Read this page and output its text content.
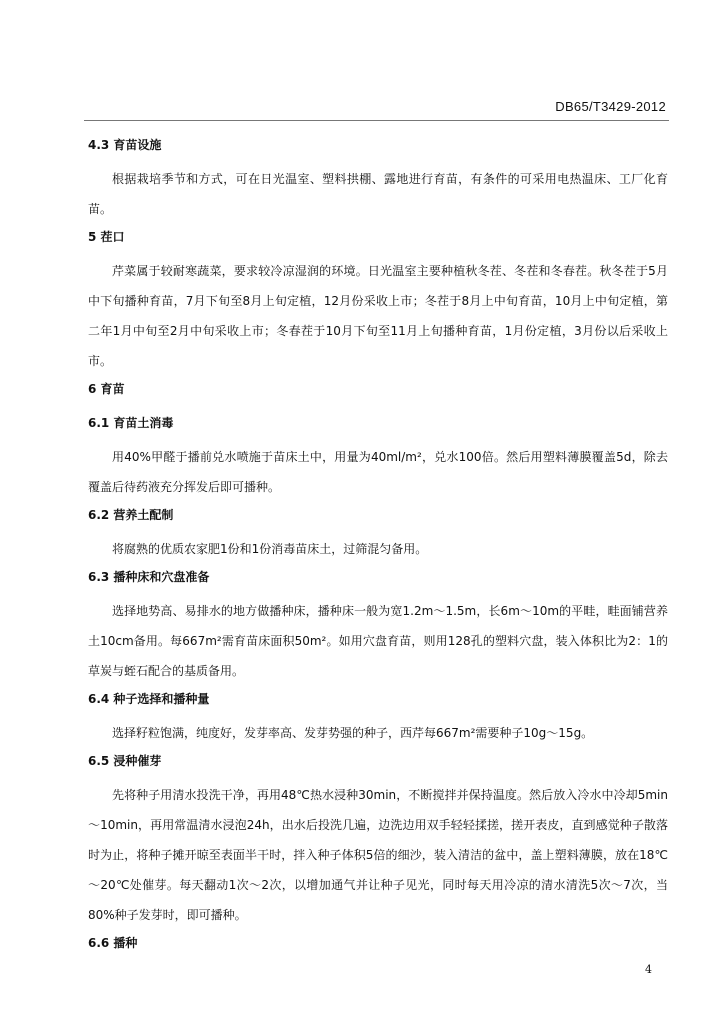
DB65/T3429-2012
4.3 育苗设施

根据栽培季节和方式，可在日光温室、塑料拱棚、露地进行育苗，有条件的可采用电热温床、工厂化育苗。

5 茬口

芹菜属于较耐寒蔬菜，要求较冷凉湿润的环境。日光温室主要种植秋冬茬、冬茬和冬春茬。秋冬茬于5月中下旬播种育苗，7月下旬至8月上旬定植，12月份采收上市；冬茬于8月上中旬育苗，10月上中旬定植，第二年1月中旬至2月中旬采收上市；冬春茬于10月下旬至11月上旬播种育苗，1月份定植，3月份以后采收上市。

6 育苗
6.1 育苗土消毒

用40%甲醛于播前兑水喷施于苗床土中，用量为40ml/m²，兑水100倍。然后用塑料薄膜覆盖5d，除去覆盖后待药液充分挥发后即可播种。

6.2 营养土配制

将腐熟的优质农家肥1份和1份消毒苗床土，过筛混匀备用。

6.3 播种床和穴盘准备

选择地势高、易排水的地方做播种床，播种床一般为宽1.2m～1.5m，长6m～10m的平畦，畦面铺营养土10cm备用。每667m²需育苗床面积50m²。如用穴盘育苗，则用128孔的塑料穴盘，装入体积比为2：1的草炭与蛭石配合的基质备用。

6.4 种子选择和播种量

选择籽粒饱满，纯度好，发芽率高、发芽势强的种子，西芹每667m²需要种子10g～15g。

6.5 浸种催芽

先将种子用清水投洗干净，再用48℃热水浸种30min，不断搅拌并保持温度。然后放入冷水中冷却5min～10min，再用常温清水浸泡24h，出水后投洗几遍，边洗边用双手轻轻揉搓，搓开表皮，直到感觉种子散落时为止，将种子摊开晾至表面半干时，拌入种子体积5倍的细沙，装入清洁的盆中，盖上塑料薄膜，放在18℃～20℃处催芽。每天翻动1次～2次，以增加通气并让种子见光，同时每天用冷凉的清水清洗5次～7次，当80%种子发芽时，即可播种。

6.6 播种
4
